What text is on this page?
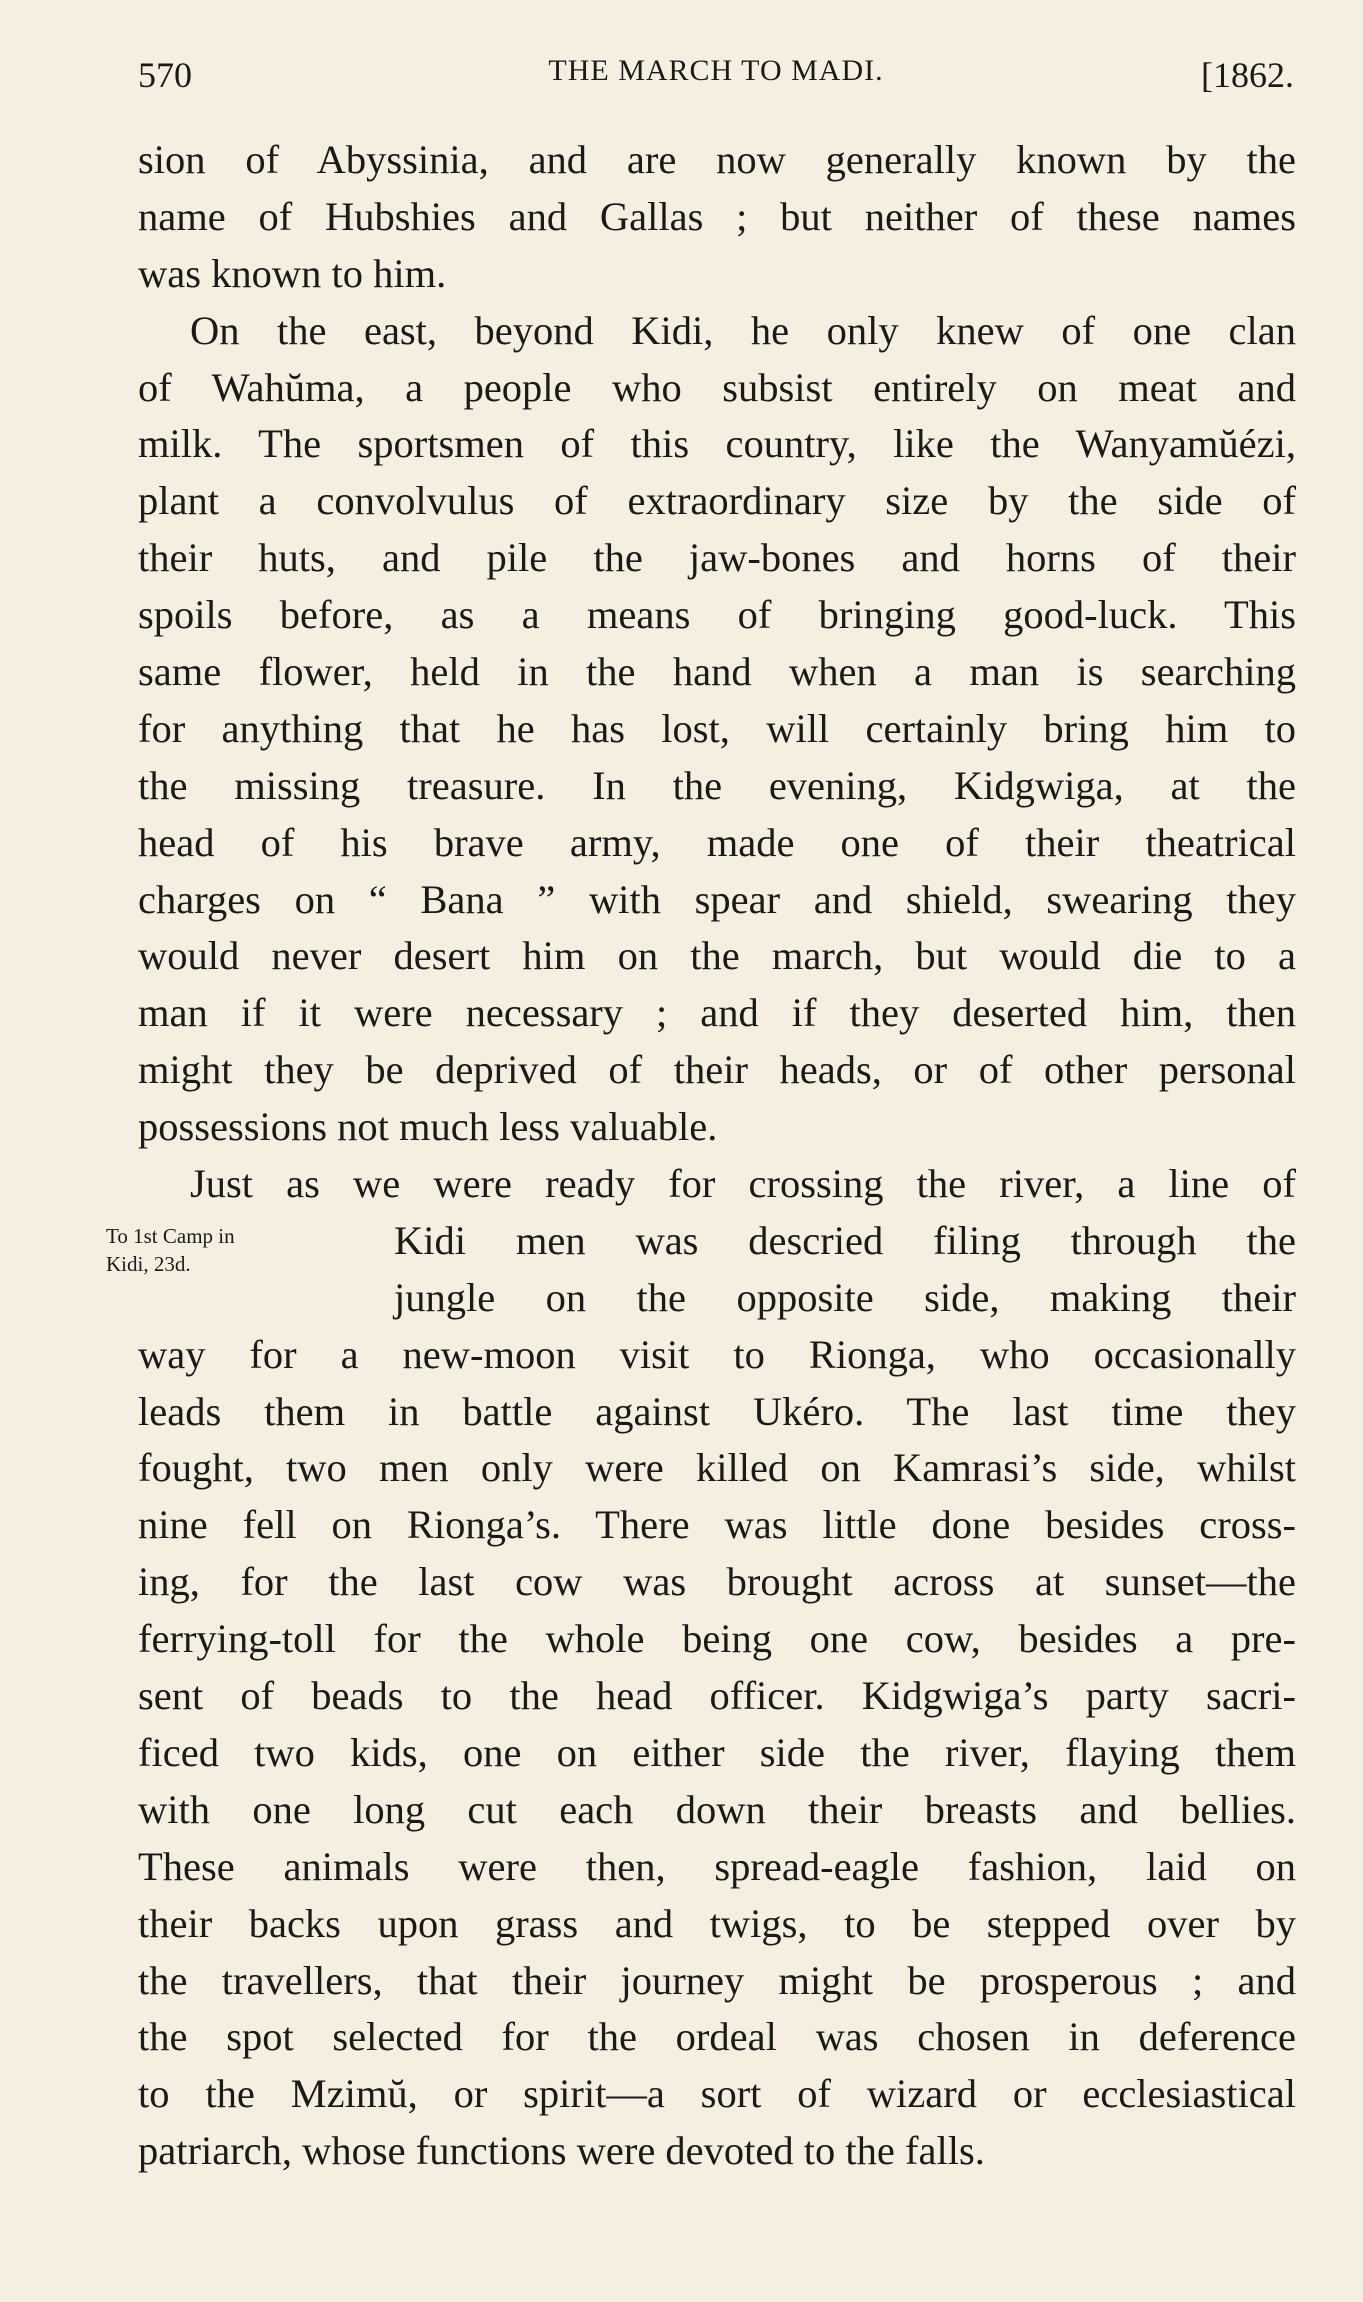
570	THE MARCH TO MADI.	[1862.
To 1st Camp in
Kidi, 23d.
sion of Abyssinia, and are now generally known by the
name of Hubshies and Gallas ; but neither of these names
was known to him.
On the east, beyond Kidi, he only knew of one clan
of Wahŭma, a people who subsist entirely on meat and
milk. The sportsmen of this country, like the Wanyamŭézi,
plant a convolvulus of extraordinary size by the side of
their huts, and pile the jaw-bones and horns of their
spoils before, as a means of bringing good-luck. This
same flower, held in the hand when a man is searching
for anything that he has lost, will certainly bring him to
the missing treasure. In the evening, Kidgwiga, at the
head of his brave army, made one of their theatrical
charges on “ Bana ” with spear and shield, swearing they
would never desert him on the march, but would die to a
man if it were necessary ; and if they deserted him, then
might they be deprived of their heads, or of other personal
possessions not much less valuable.
Just as we were ready for crossing the river, a line of
Kidi men was descried filing through the
jungle on the opposite side, making their
way for a new-moon visit to Rionga, who occasionally
leads them in battle against Ukéro. The last time they
fought, two men only were killed on Kamrasi’s side, whilst
nine fell on Rionga’s. There was little done besides cross-
ing, for the last cow was brought across at sunset—the
ferrying-toll for the whole being one cow, besides a pre-
sent of beads to the head officer. Kidgwiga’s party sacri-
ficed two kids, one on either side the river, flaying them
with one long cut each down their breasts and bellies.
These animals were then, spread-eagle fashion, laid on
their backs upon grass and twigs, to be stepped over by
the travellers, that their journey might be prosperous ; and
the spot selected for the ordeal was chosen in deference
to the Mzimŭ, or spirit—a sort of wizard or ecclesiastical
patriarch, whose functions were devoted to the falls.
